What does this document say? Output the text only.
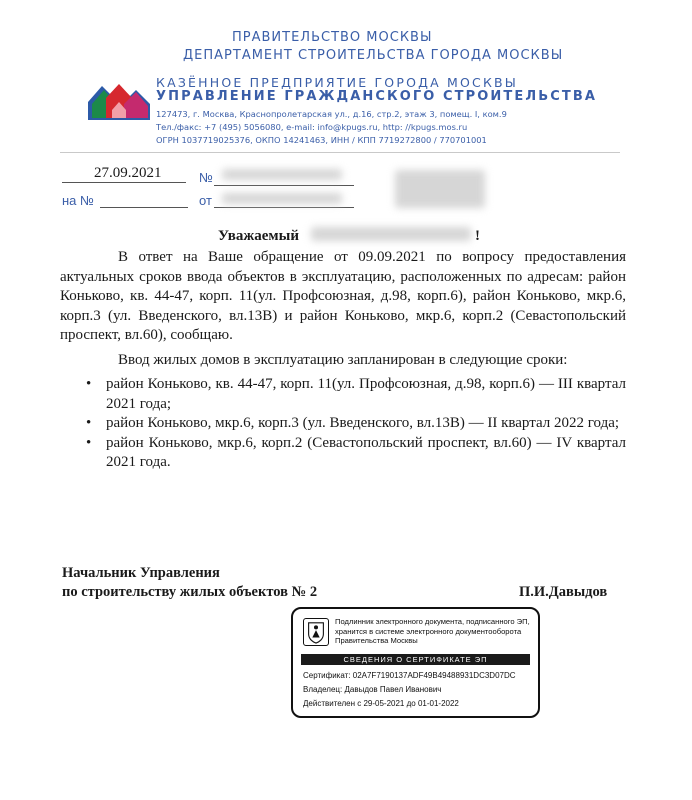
ПРАВИТЕЛЬСТВО МОСКВЫ
ДЕПАРТАМЕНТ СТРОИТЕЛЬСТВА ГОРОДА МОСКВЫ
КАЗЁННОЕ ПРЕДПРИЯТИЕ ГОРОДА МОСКВЫ
УПРАВЛЕНИЕ ГРАЖДАНСКОГО СТРОИТЕЛЬСТВА
127473, г. Москва, Краснопролетарская ул., д.16, стр.2, этаж 3, помещ. I, ком.9
Тел./факс: +7 (495) 5056080, e-mail: info@kpugs.ru, http: //kpugs.mos.ru
ОГРН 1037719025376, ОКПО 14241463, ИНН / КПП 7719272800 / 770701001
27.09.2021	№
на №	от
Уважаемый	!
В ответ на Ваше обращение от 09.09.2021 по вопросу предоставления актуальных сроков ввода объектов в эксплуатацию, расположенных по адресам: район Коньково, кв. 44-47, корп. 11(ул. Профсоюзная, д.98, корп.6), район Коньково, мкр.6, корп.3 (ул. Введенского, вл.13В) и район Коньково, мкр.6, корп.2 (Севастопольский проспект, вл.60), сообщаю.
Ввод жилых домов в эксплуатацию запланирован в следующие сроки:
• район Коньково, кв. 44-47, корп. 11(ул. Профсоюзная, д.98, корп.6) — III квартал 2021 года;
• район Коньково, мкр.6, корп.3 (ул. Введенского, вл.13В) — II квартал 2022 года;
• район Коньково, мкр.6, корп.2 (Севастопольский проспект, вл.60) — IV квартал 2021 года.
Начальник Управления
по строительству жилых объектов № 2	П.И.Давыдов
Подлинник электронного документа, подписанного ЭП,
хранится в системе электронного документооборота
Правительства Москвы
СВЕДЕНИЯ О СЕРТИФИКАТЕ ЭП
Сертификат: 02A7F7190137ADF49B49488931DC3D07DC
Владелец: Давыдов Павел Иванович
Действителен с 29-05-2021 до 01-01-2022
